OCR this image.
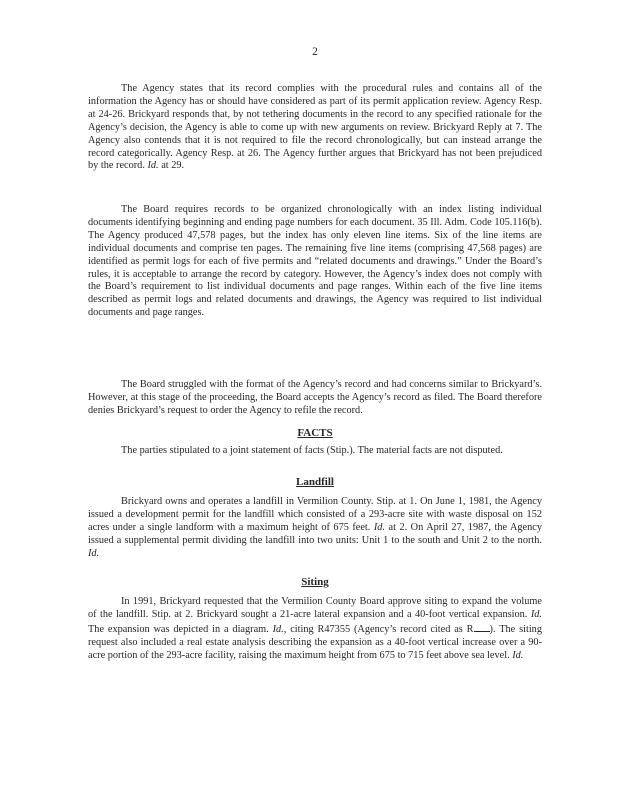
2

The Agency states that its record complies with the procedural rules and contains all of the information the Agency has or should have considered as part of its permit application review. Agency Resp. at 24-26. Brickyard responds that, by not tethering documents in the record to any specified rationale for the Agency’s decision, the Agency is able to come up with new arguments on review. Brickyard Reply at 7. The Agency also contends that it is not required to file the record chronologically, but can instead arrange the record categorically. Agency Resp. at 26. The Agency further argues that Brickyard has not been prejudiced by the record. Id. at 29.

The Board requires records to be organized chronologically with an index listing individual documents identifying beginning and ending page numbers for each document. 35 Ill. Adm. Code 105.116(b). The Agency produced 47,578 pages, but the index has only eleven line items. Six of the line items are individual documents and comprise ten pages. The remaining five line items (comprising 47,568 pages) are identified as permit logs for each of five permits and “related documents and drawings.” Under the Board’s rules, it is acceptable to arrange the record by category. However, the Agency’s index does not comply with the Board’s requirement to list individual documents and page ranges. Within each of the five line items described as permit logs and related documents and drawings, the Agency was required to list individual documents and page ranges.

The Board struggled with the format of the Agency’s record and had concerns similar to Brickyard’s. However, at this stage of the proceeding, the Board accepts the Agency’s record as filed. The Board therefore denies Brickyard’s request to order the Agency to refile the record.

FACTS

The parties stipulated to a joint statement of facts (Stip.). The material facts are not disputed.

Landfill

Brickyard owns and operates a landfill in Vermilion County. Stip. at 1. On June 1, 1981, the Agency issued a development permit for the landfill which consisted of a 293-acre site with waste disposal on 152 acres under a single landform with a maximum height of 675 feet. Id. at 2. On April 27, 1987, the Agency issued a supplemental permit dividing the landfill into two units: Unit 1 to the south and Unit 2 to the north. Id.

Siting

In 1991, Brickyard requested that the Vermilion County Board approve siting to expand the volume of the landfill. Stip. at 2. Brickyard sought a 21-acre lateral expansion and a 40-foot vertical expansion. Id. The expansion was depicted in a diagram. Id., citing R47355 (Agency’s record cited as R ). The siting request also included a real estate analysis describing the expansion as a 40-foot vertical increase over a 90-acre portion of the 293-acre facility, raising the maximum height from 675 to 715 feet above sea level. Id.
